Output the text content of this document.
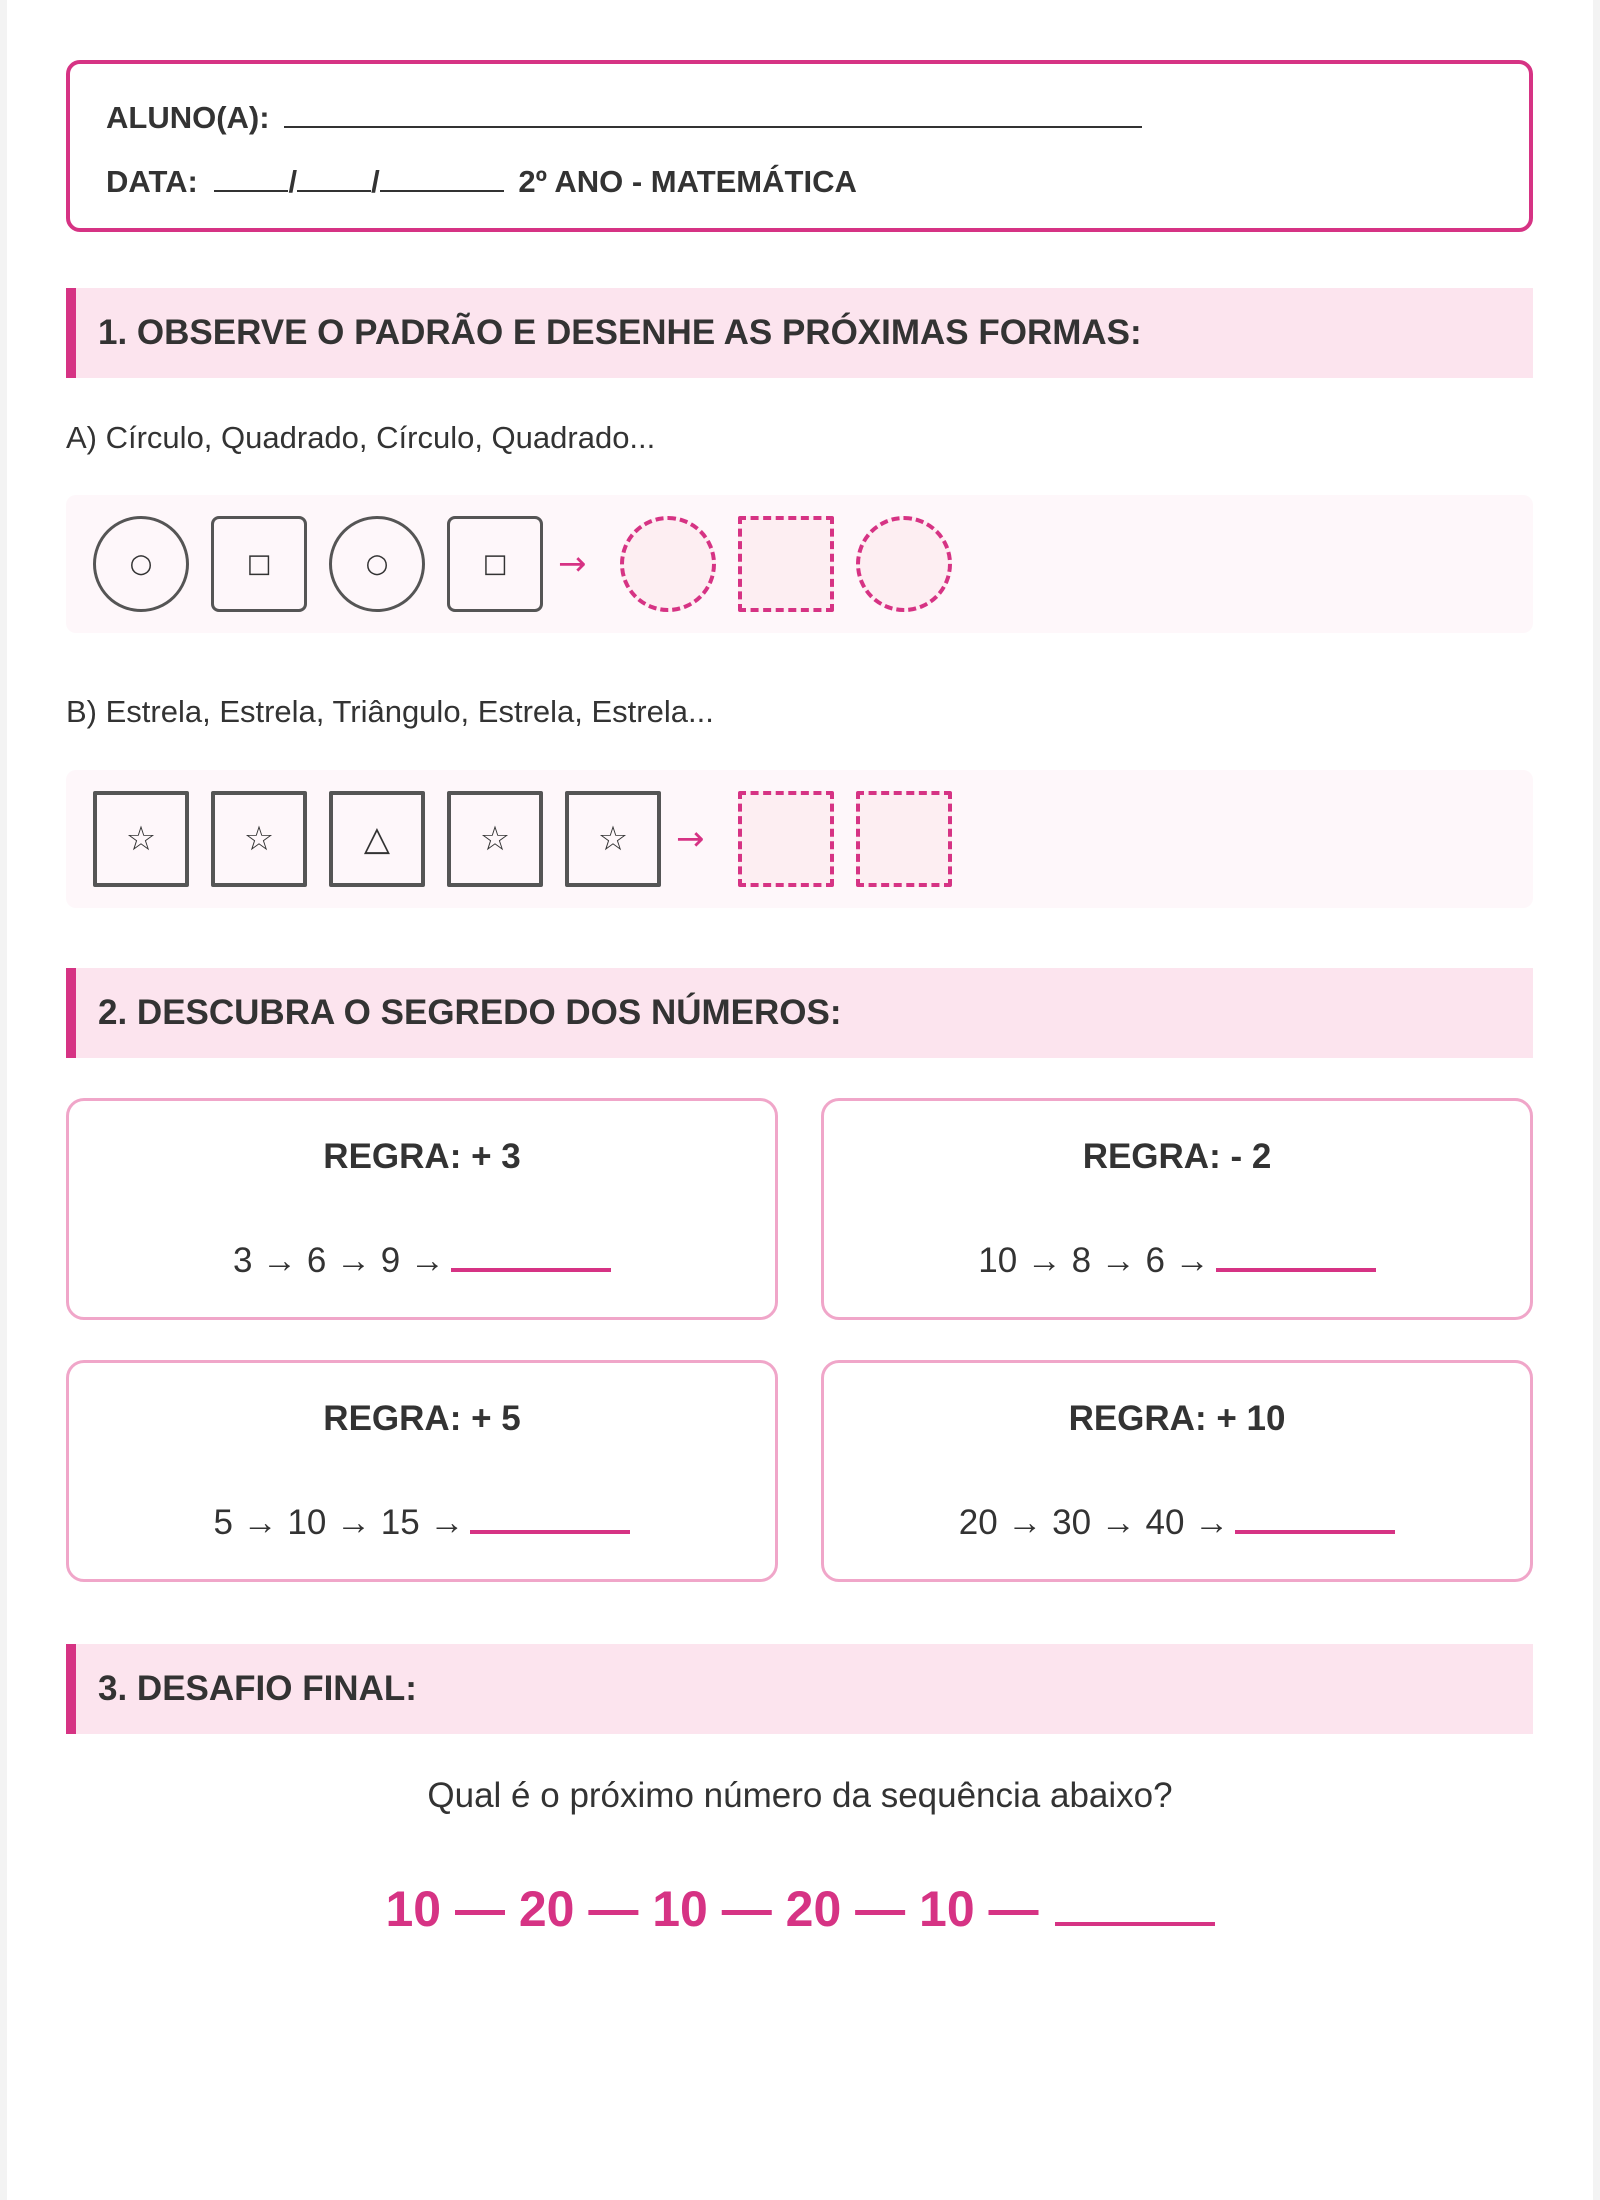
ALUNO(A):
DATA:	/ /	2º ANO - MATEMÁTICA
1. OBSERVE O PADRÃO E DESENHE AS PRÓXIMAS FORMAS:
A) Círculo, Quadrado, Círculo, Quadrado...
○	□	○	□ →
B) Estrela, Estrela, Triângulo, Estrela, Estrela...
☆	☆	△	☆	☆ →
2. DESCUBRA O SEGREDO DOS NÚMEROS:
REGRA: + 3
3 → 6 → 9 →
REGRA: - 2
10 → 8 → 6 →
REGRA: + 5
5 → 10 → 15 →
REGRA: + 10
20 → 30 → 40 →
3. DESAFIO FINAL:
Qual é o próximo número da sequência abaixo?
10 — 20 — 10 — 20 — 10 —
